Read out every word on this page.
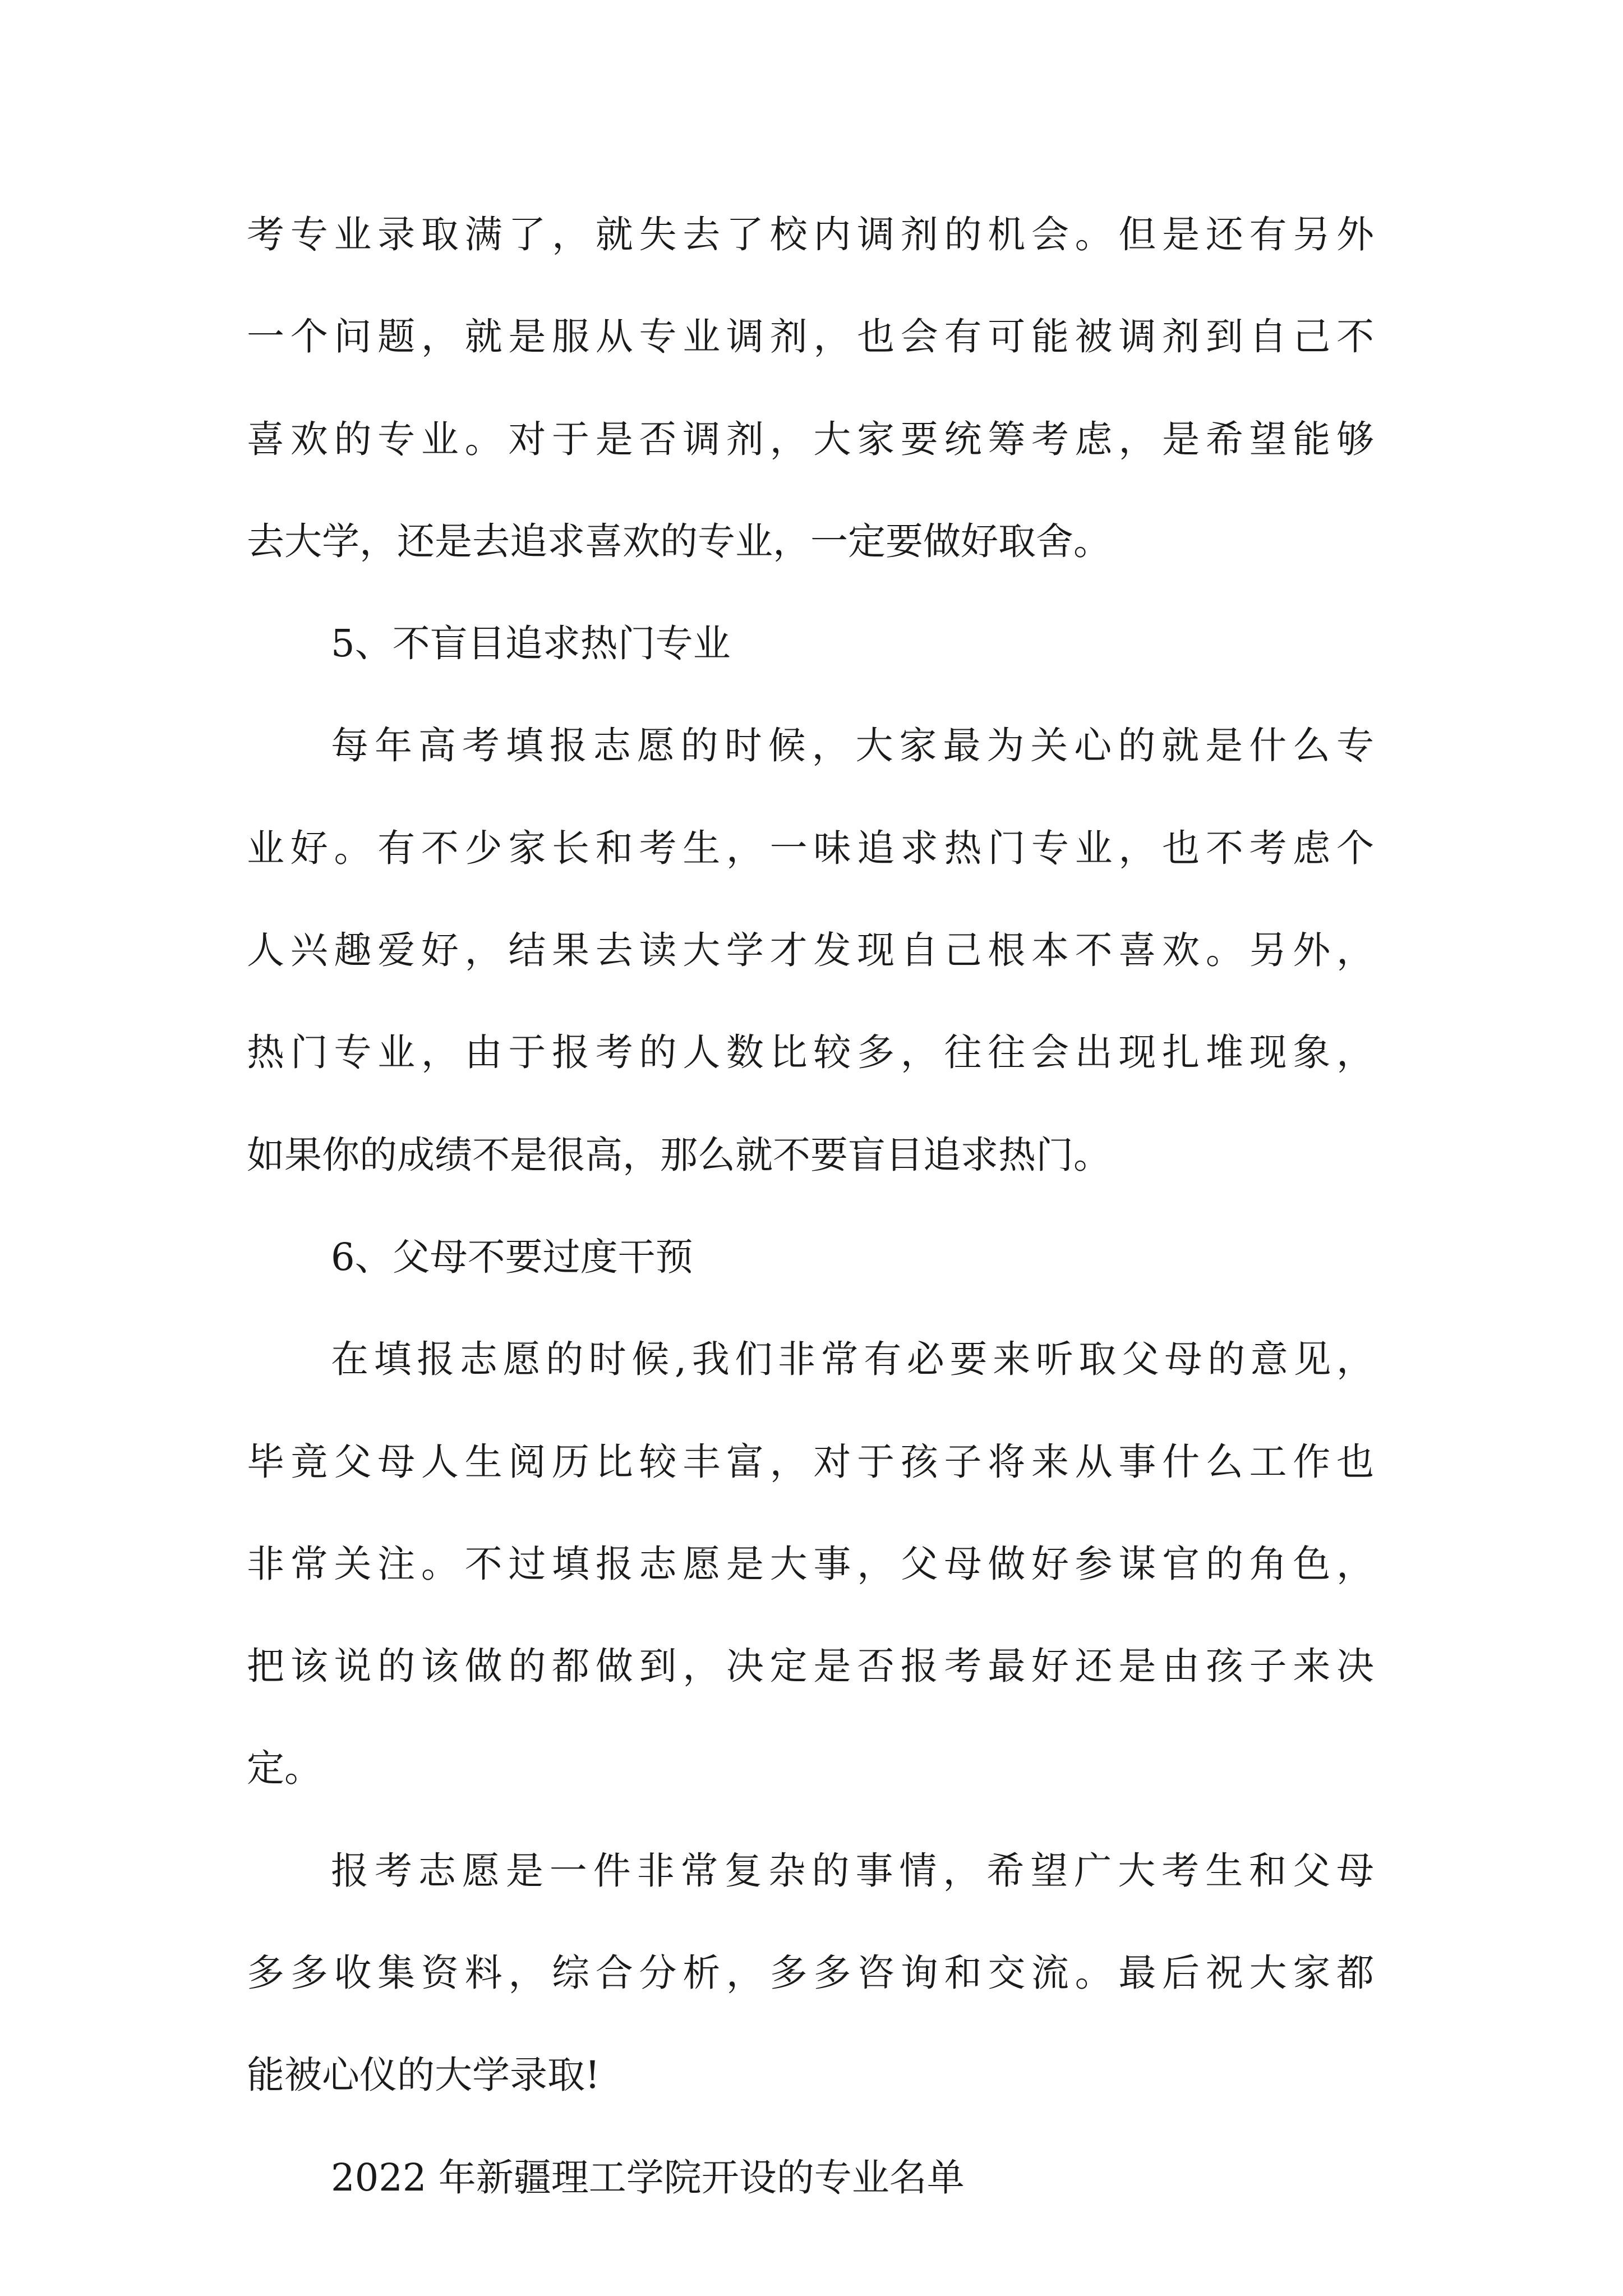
考专业录取满了，就失去了校内调剂的机会。但是还有另外
一个问题，就是服从专业调剂，也会有可能被调剂到自己不
喜欢的专业。对于是否调剂，大家要统筹考虑，是希望能够
去大学，还是去追求喜欢的专业，一定要做好取舍。
5、不盲目追求热门专业
每年高考填报志愿的时候，大家最为关心的就是什么专
业好。有不少家长和考生，一味追求热门专业，也不考虑个
人兴趣爱好，结果去读大学才发现自己根本不喜欢。另外，
热门专业，由于报考的人数比较多，往往会出现扎堆现象，
如果你的成绩不是很高，那么就不要盲目追求热门。
6、父母不要过度干预
在填报志愿的时候,我们非常有必要来听取父母的意见，
毕竟父母人生阅历比较丰富，对于孩子将来从事什么工作也
非常关注。不过填报志愿是大事，父母做好参谋官的角色，
把该说的该做的都做到，决定是否报考最好还是由孩子来决
定。
报考志愿是一件非常复杂的事情，希望广大考生和父母
多多收集资料，综合分析，多多咨询和交流。最后祝大家都
能被心仪的大学录取!
2022 年新疆理工学院开设的专业名单
